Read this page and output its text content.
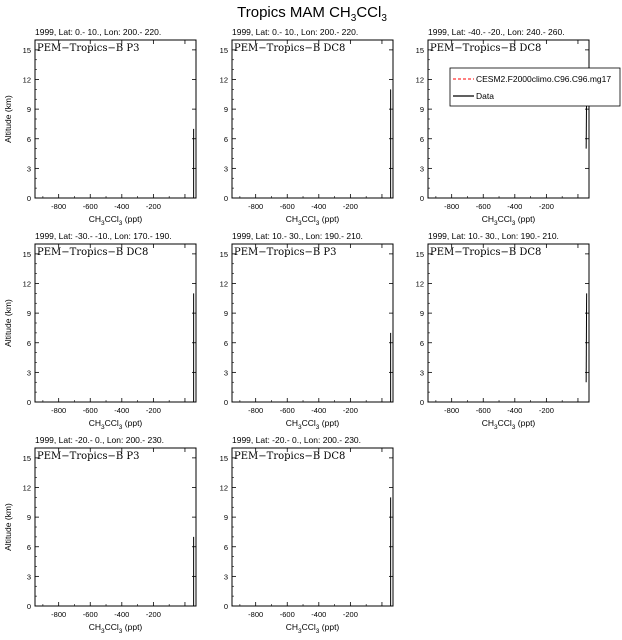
Tropics MAM $CH_3CCl_3$
1999, Lat: 0.- 10., Lon: 200.- 220.
PEM−Tropics−B P3
-800 -600 -400 -200
0
3
6
9
12
15
$CH_3CCl_3$ (ppt)
Altitude (km)
1999, Lat: 0.- 10., Lon: 200.- 220.
PEM−Tropics−B DC8
-800 -600 -400 -200
0
3
6
9
12
15
$CH_3CCl_3$ (ppt)
1999, Lat: -40.- -20., Lon: 240.- 260.
PEM−Tropics−B DC8
-800 -600 -400 -200
0
3
6
9
12
15
$CH_3CCl_3$ (ppt)
CESM2.F2000climo.C96.C96.mg17
Data
1999, Lat: -30.- -10., Lon: 170.- 190.
PEM−Tropics−B DC8
-800 -600 -400 -200
0
3
6
9
12
15
$CH_3CCl_3$ (ppt)
Altitude (km)
1999, Lat: 10.- 30., Lon: 190.- 210.
PEM−Tropics−B P3
-800 -600 -400 -200
0
3
6
9
12
15
$CH_3CCl_3$ (ppt)
1999, Lat: 10.- 30., Lon: 190.- 210.
PEM−Tropics−B DC8
-800 -600 -400 -200
0
3
6
9
12
15
$CH_3CCl_3$ (ppt)
1999, Lat: -20.- 0., Lon: 200.- 230.
PEM−Tropics−B P3
-800 -600 -400 -200
0
3
6
9
12
15
$CH_3CCl_3$ (ppt)
Altitude (km)
1999, Lat: -20.- 0., Lon: 200.- 230.
PEM−Tropics−B DC8
-800 -600 -400 -200
0
3
6
9
12
15
$CH_3CCl_3$ (ppt)
